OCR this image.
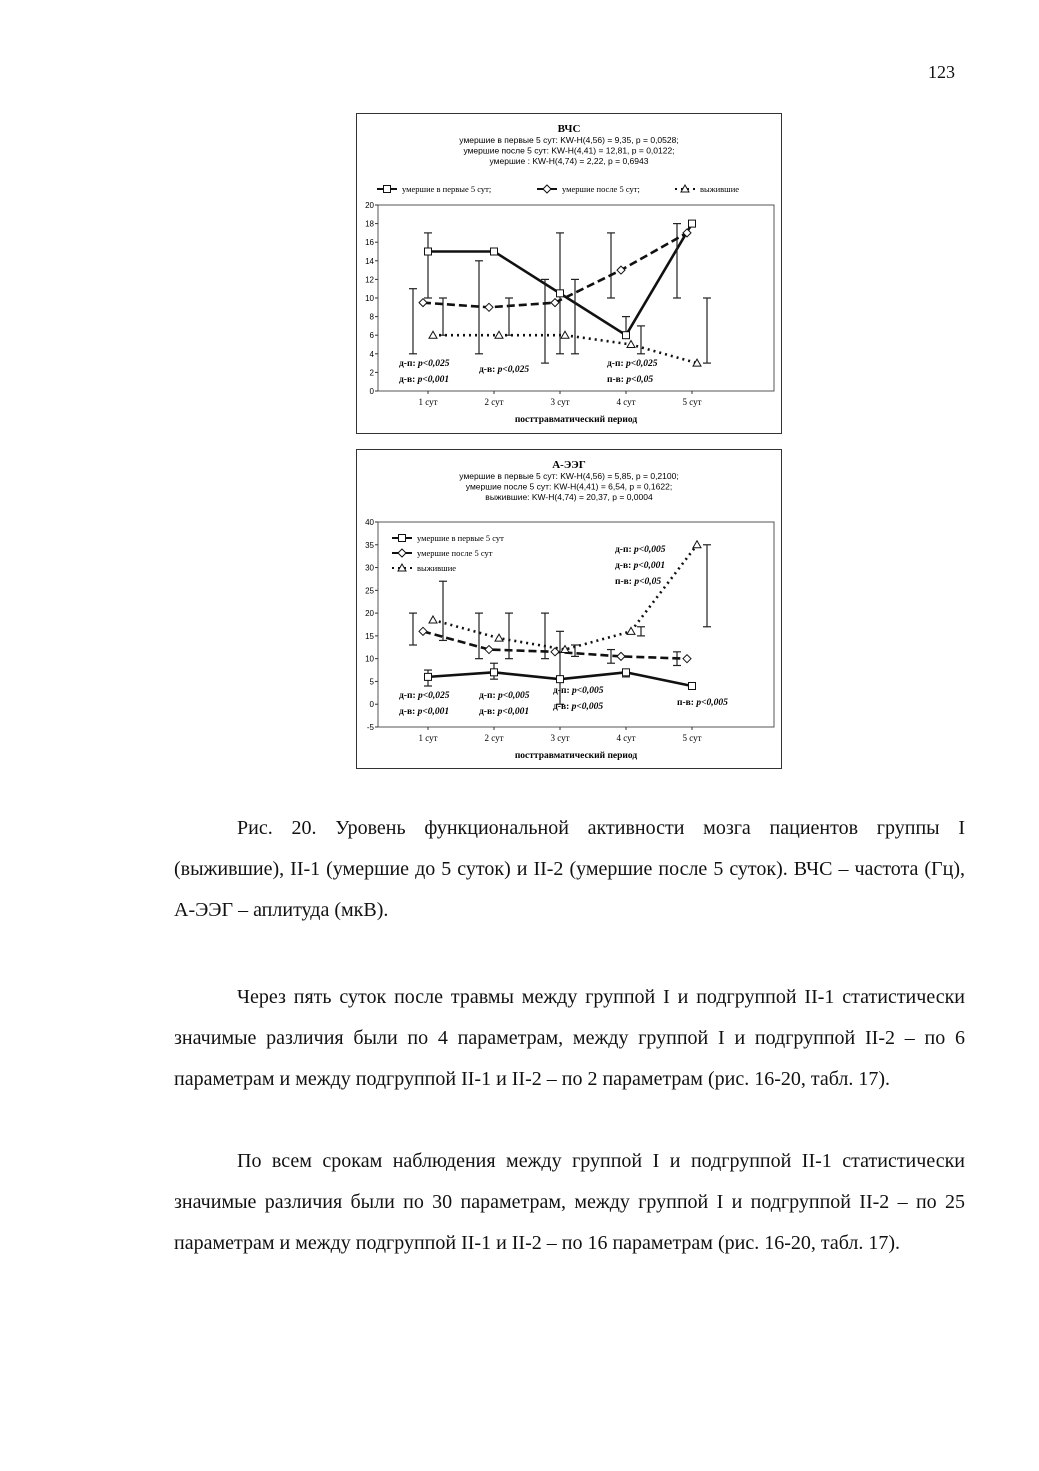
123
ВЧС
умершие в первые 5 сут: KW-H(4,56) = 9,35, p = 0,0528;
умершие после 5 сут: KW-H(4,41) = 12,81, p = 0,0122;
умершие : KW-H(4,74) = 2,22, p = 0,6943
0
2
4
6
8
10
12
14
16
18
20
1 сут	2 сут	3 сут	4 сут	5 сут
посттравматический период
умершие в первые 5 сут;	умершие после 5 сут;	выжившие
д-п: p<0,025
д-в: p<0,001
д-в: p<0,025
д-п: p<0,025
п-в: p<0,05
А-ЭЭГ
умершие в первые 5 сут: KW-H(4,56) = 5,85, p = 0,2100;
умершие после 5 сут: KW-H(4,41) = 6,54, p = 0,1622;
выжившие: KW-H(4,74) = 20,37, p = 0,0004
-5
0
5
10
15
20
25
30
35
40
1 сут	2 сут	3 сут	4 сут	5 сут
посттравматический период
умершие в первые 5 сут
умершие после 5 сут
выжившие
д-п: p<0,025
д-в: p<0,001
д-п: p<0,005
д-в: p<0,001
д-п: p<0,005
д-в: p<0,005	п-в: p<0,005
д-п: p<0,005
д-в: p<0,001
п-в: p<0,05

Рис. 20. Уровень функциональной активности мозга пациентов группы I (выжившие), II-1 (умершие до 5 суток) и II-2 (умершие после 5 суток). ВЧС – частота (Гц), А-ЭЭГ – аплитуда (мкВ).

Через пять суток после травмы между группой I и подгруппой II-1 статистически значимые различия были по 4 параметрам, между группой I и подгруппой II-2 – по 6 параметрам и между подгруппой II-1 и II-2 – по 2 параметрам (рис. 16-20, табл. 17).

По всем срокам наблюдения между группой I и подгруппой II-1 статистически значимые различия были по 30 параметрам, между группой I и подгруппой II-2 – по 25 параметрам и между подгруппой II-1 и II-2 – по 16 параметрам (рис. 16-20, табл. 17).
